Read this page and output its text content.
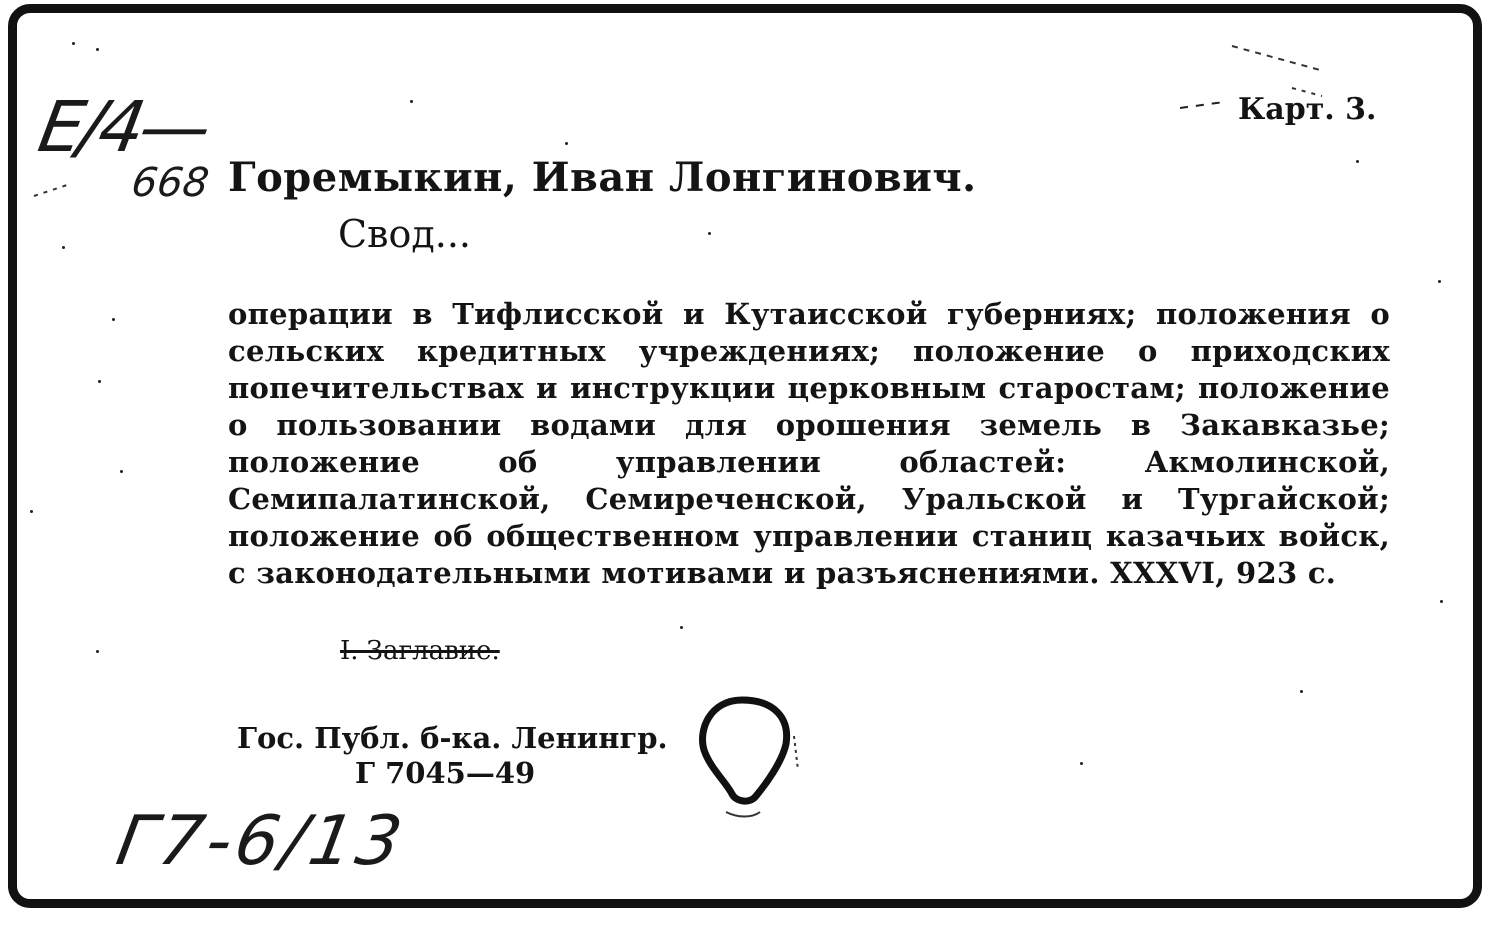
Е/4—
668
Карт. 3.
Горемыкин, Иван Лонгинович.
Свод...
операции в Тифлисской и Кутаисской губерниях; положения о сельских кредитных учреждениях; положение о приходских попечительствах и инструкции церковным старостам; положение о пользовании водами для орошения земель в Закавказье; положение об управлении областей: Акмолинской, Семипалатинской, Семиреченской, Уральской и Тургайской; положение об общественном управлении станиц казачьих войск, с законодательными мотивами и разъяснениями. XXXVI, 923 с.
I. Заглавие.
Гос. Публ. б-ка. Ленингр.
Г 7045—49
Г7-6/13
